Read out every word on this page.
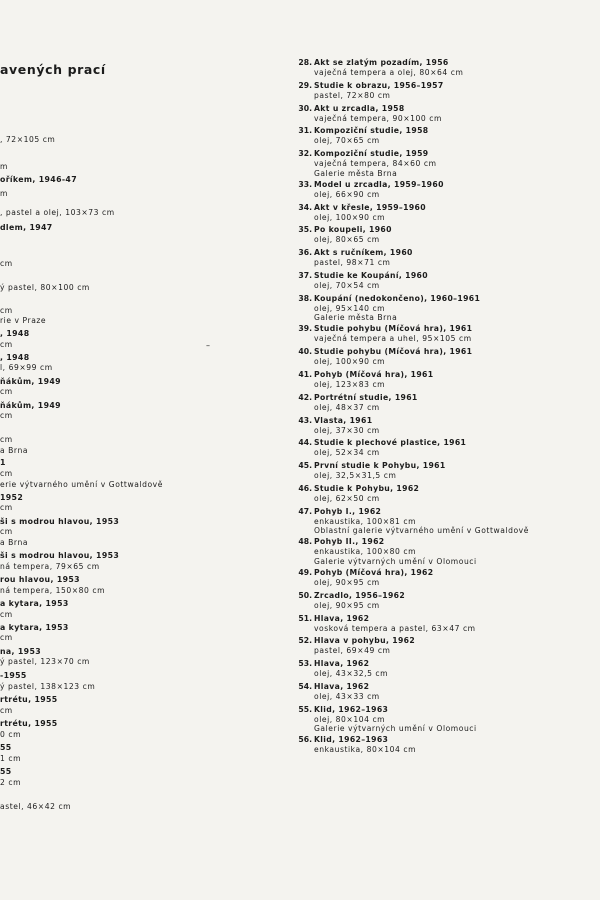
avených prací
, 72×105 cm
m
oříkem, 1946-47
m
, pastel a olej, 103×73 cm
dlem, 1947
cm
ý pastel, 80×100 cm
cm
rie v Praze
, 1948
cm
, 1948
l, 69×99 cm
ňákům, 1949
cm
ňákům, 1949
cm
cm
a Brna
1
cm
erie výtvarného umění v Gottwaldově
1952
cm
ši s modrou hlavou, 1953
cm
a Brna
ši s modrou hlavou, 1953
ná tempera, 79×65 cm
rou hlavou, 1953
ná tempera, 150×80 cm
a kytara, 1953
cm
a kytara, 1953
cm
na, 1953
ý pastel, 123×70 cm
-1955
ý pastel, 138×123 cm
rtrétu, 1955
cm
rtrétu, 1955
0 cm
55
1 cm
55
2 cm
astel, 46×42 cm
28. Akt se zlatým pozadím, 1956
vaječná tempera a olej, 80×64 cm
29. Studie k obrazu, 1956–1957
pastel, 72×80 cm
30. Akt u zrcadla, 1958
vaječná tempera, 90×100 cm
31. Kompoziční studie, 1958
olej, 70×65 cm
32. Kompoziční studie, 1959
vaječná tempera, 84×60 cm
Galerie města Brna
33. Model u zrcadla, 1959–1960
olej, 66×90 cm
34. Akt v křesle, 1959–1960
olej, 100×90 cm
35. Po koupeli, 1960
olej, 80×65 cm
36. Akt s ručníkem, 1960
pastel, 98×71 cm
37. Studie ke Koupání, 1960
olej, 70×54 cm
38. Koupání (nedokončeno), 1960–1961
olej, 95×140 cm
Galerie města Brna
39. Studie pohybu (Míčová hra), 1961
vaječná tempera a uhel, 95×105 cm
40. Studie pohybu (Míčová hra), 1961
olej, 100×90 cm
41. Pohyb (Míčová hra), 1961
olej, 123×83 cm
42. Portrétní studie, 1961
olej, 48×37 cm
43. Vlasta, 1961
olej, 37×30 cm
44. Studie k plechové plastice, 1961
olej, 52×34 cm
45. První studie k Pohybu, 1961
olej, 32,5×31,5 cm
46. Studie k Pohybu, 1962
olej, 62×50 cm
47. Pohyb I., 1962
enkaustika, 100×81 cm
Oblastní galerie výtvarného umění v Gottwaldově
48. Pohyb II., 1962
enkaustika, 100×80 cm
Galerie výtvarných umění v Olomouci
49. Pohyb (Míčová hra), 1962
olej, 90×95 cm
50. Zrcadlo, 1956–1962
olej, 90×95 cm
51. Hlava, 1962
vosková tempera a pastel, 63×47 cm
52. Hlava v pohybu, 1962
pastel, 69×49 cm
53. Hlava, 1962
olej, 43×32,5 cm
54. Hlava, 1962
olej, 43×33 cm
55. Klid, 1962–1963
olej, 80×104 cm
Galerie výtvarných umění v Olomouci
56. Klid, 1962–1963
enkaustika, 80×104 cm
–
